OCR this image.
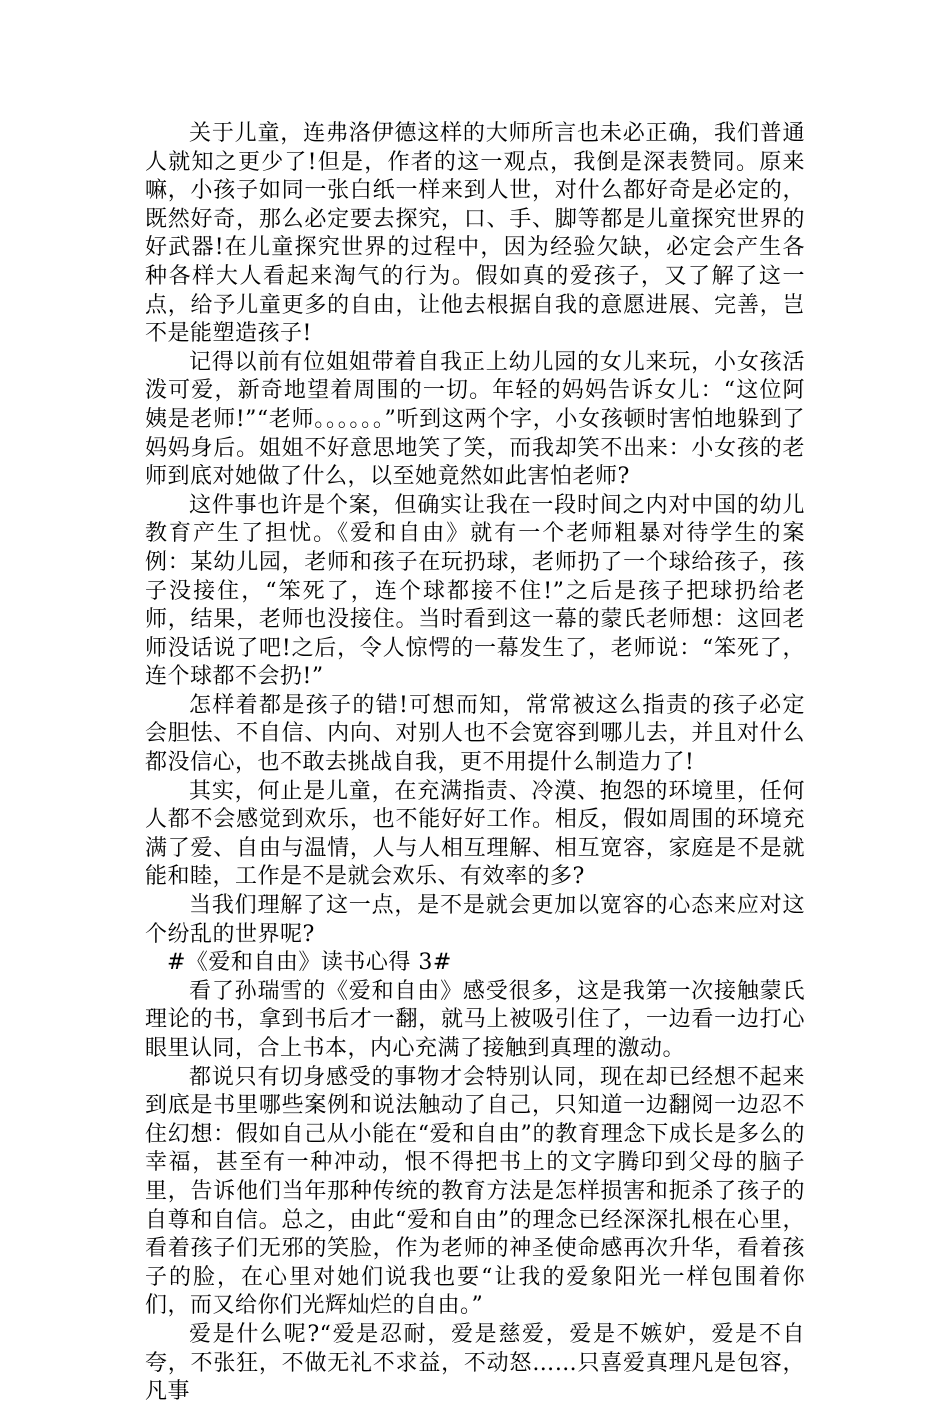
关于儿童，连弗洛伊德这样的大师所言也未必正确，我们普通人就知之更少了!但是，作者的这一观点，我倒是深表赞同。原来嘛，小孩子如同一张白纸一样来到人世，对什么都好奇是必定的，既然好奇，那么必定要去探究，口、手、脚等都是儿童探究世界的好武器!在儿童探究世界的过程中，因为经验欠缺，必定会产生各种各样大人看起来淘气的行为。假如真的爱孩子，又了解了这一点，给予儿童更多的自由，让他去根据自我的意愿进展、完善，岂不是能塑造孩子!

记得以前有位姐姐带着自我正上幼儿园的女儿来玩，小女孩活泼可爱，新奇地望着周围的一切。年轻的妈妈告诉女儿：“这位阿姨是老师!”“老师。。。。。。”听到这两个字，小女孩顿时害怕地躲到了妈妈身后。姐姐不好意思地笑了笑，而我却笑不出来：小女孩的老师到底对她做了什么，以至她竟然如此害怕老师?

这件事也许是个案，但确实让我在一段时间之内对中国的幼儿教育产生了担忧。《爱和自由》就有一个老师粗暴对待学生的案例：某幼儿园，老师和孩子在玩扔球，老师扔了一个球给孩子，孩子没接住，“笨死了，连个球都接不住!”之后是孩子把球扔给老师，结果，老师也没接住。当时看到这一幕的蒙氏老师想：这回老师没话说了吧!之后，令人惊愕的一幕发生了，老师说：“笨死了，连个球都不会扔!”

怎样着都是孩子的错!可想而知，常常被这么指责的孩子必定会胆怯、不自信、内向、对别人也不会宽容到哪儿去，并且对什么都没信心，也不敢去挑战自我，更不用提什么制造力了!

其实，何止是儿童，在充满指责、冷漠、抱怨的环境里，任何人都不会感觉到欢乐，也不能好好工作。相反，假如周围的环境充满了爱、自由与温情，人与人相互理解、相互宽容，家庭是不是就能和睦，工作是不是就会欢乐、有效率的多?

当我们理解了这一点，是不是就会更加以宽容的心态来应对这个纷乱的世界呢?

#《爱和自由》读书心得 3#

看了孙瑞雪的《爱和自由》感受很多，这是我第一次接触蒙氏理论的书，拿到书后才一翻，就马上被吸引住了，一边看一边打心眼里认同，合上书本，内心充满了接触到真理的激动。

都说只有切身感受的事物才会特别认同，现在却已经想不起来到底是书里哪些案例和说法触动了自己，只知道一边翻阅一边忍不住幻想：假如自己从小能在“爱和自由”的教育理念下成长是多么的幸福，甚至有一种冲动，恨不得把书上的文字腾印到父母的脑子里，告诉他们当年那种传统的教育方法是怎样损害和扼杀了孩子的自尊和自信。总之，由此“爱和自由”的理念已经深深扎根在心里，看着孩子们无邪的笑脸，作为老师的神圣使命感再次升华，看着孩子的脸，在心里对她们说我也要“让我的爱象阳光一样包围着你们，而又给你们光辉灿烂的自由。”

爱是什么呢?“爱是忍耐，爱是慈爱，爱是不嫉妒，爱是不自夸，不张狂，不做无礼不求益，不动怒……只喜爱真理凡是包容，凡事
